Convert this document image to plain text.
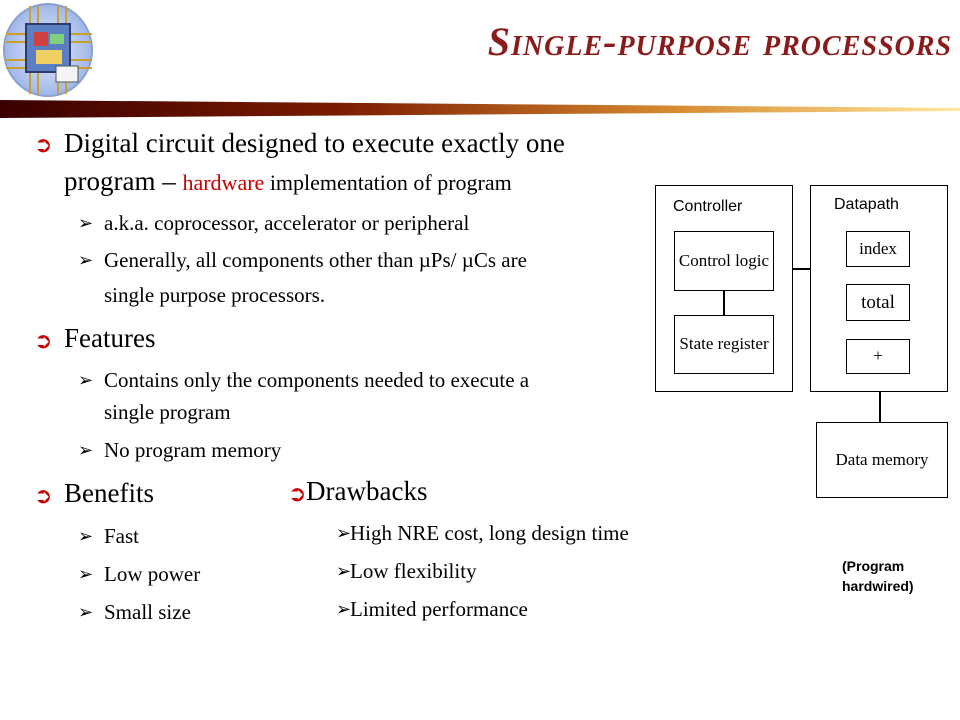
Single-purpose processors
➲ Digital circuit designed to execute exactly one
program – hardware implementation of program
➢ a.k.a. coprocessor, accelerator or peripheral
➢ Generally, all components other than µPs/ µCs are
single purpose processors.
➲ Features
➢ Contains only the components needed to execute a
single program
➢ No program memory
➲ Benefits
➢ Fast
➢ Low power
➢ Small size
➲ Drawbacks
➢
High NRE cost, long design time
➢
Low flexibility
➢
Limited performance
Controller
Control logic
State register
Datapath
index
total
+
Data memory
(Program
hardwired)
